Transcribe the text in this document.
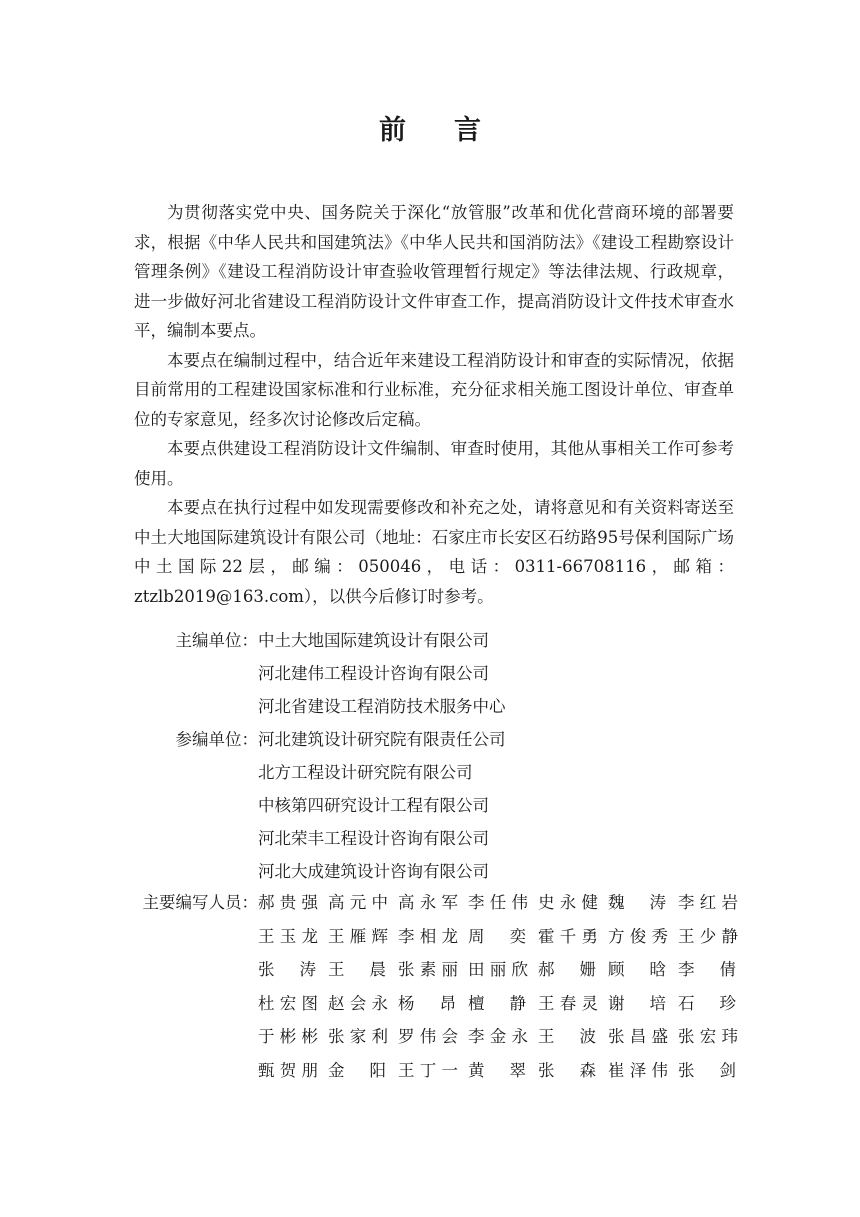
前 言

为贯彻落实党中央、国务院关于深化“放管服”改革和优化营商环境的部署要求，根据《中华人民共和国建筑法》《中华人民共和国消防法》《建设工程勘察设计管理条例》《建设工程消防设计审查验收管理暂行规定》等法律法规、行政规章，进一步做好河北省建设工程消防设计文件审查工作，提高消防设计文件技术审查水平，编制本要点。

本要点在编制过程中，结合近年来建设工程消防设计和审查的实际情况，依据目前常用的工程建设国家标准和行业标准，充分征求相关施工图设计单位、审查单位的专家意见，经多次讨论修改后定稿。

本要点供建设工程消防设计文件编制、审查时使用，其他从事相关工作可参考使用。

本要点在执行过程中如发现需要修改和补充之处，请将意见和有关资料寄送至中土大地国际建筑设计有限公司（地址：石家庄市长安区石纺路95号保利国际广场中土国际22层，邮编：050046，电话：0311-66708116，邮箱：ztzlb2019@163.com），以供今后修订时参考。

主编单位： 中土大地国际建筑设计有限公司
河北建伟工程设计咨询有限公司
河北省建设工程消防技术服务中心
参编单位： 河北建筑设计研究院有限责任公司
北方工程设计研究院有限公司
中核第四研究设计工程有限公司
河北荣丰工程设计咨询有限公司
河北大成建筑设计咨询有限公司
主要编写人员： 郝贵强 高元中 高永军 李任伟 史永健 魏涛 李红岩
王玉龙 王雁辉 李相龙 周奕 霍千勇 方俊秀 王少静
张涛 王晨 张素丽 田丽欣 郝姗 顾晗 李倩
杜宏图 赵会永 杨昂 檀静 王春灵 谢培 石珍
于彬彬 张家利 罗伟会 李金永 王波 张昌盛 张宏玮
甄贺朋 金阳 王丁一 黄翠 张森 崔泽伟 张剑
